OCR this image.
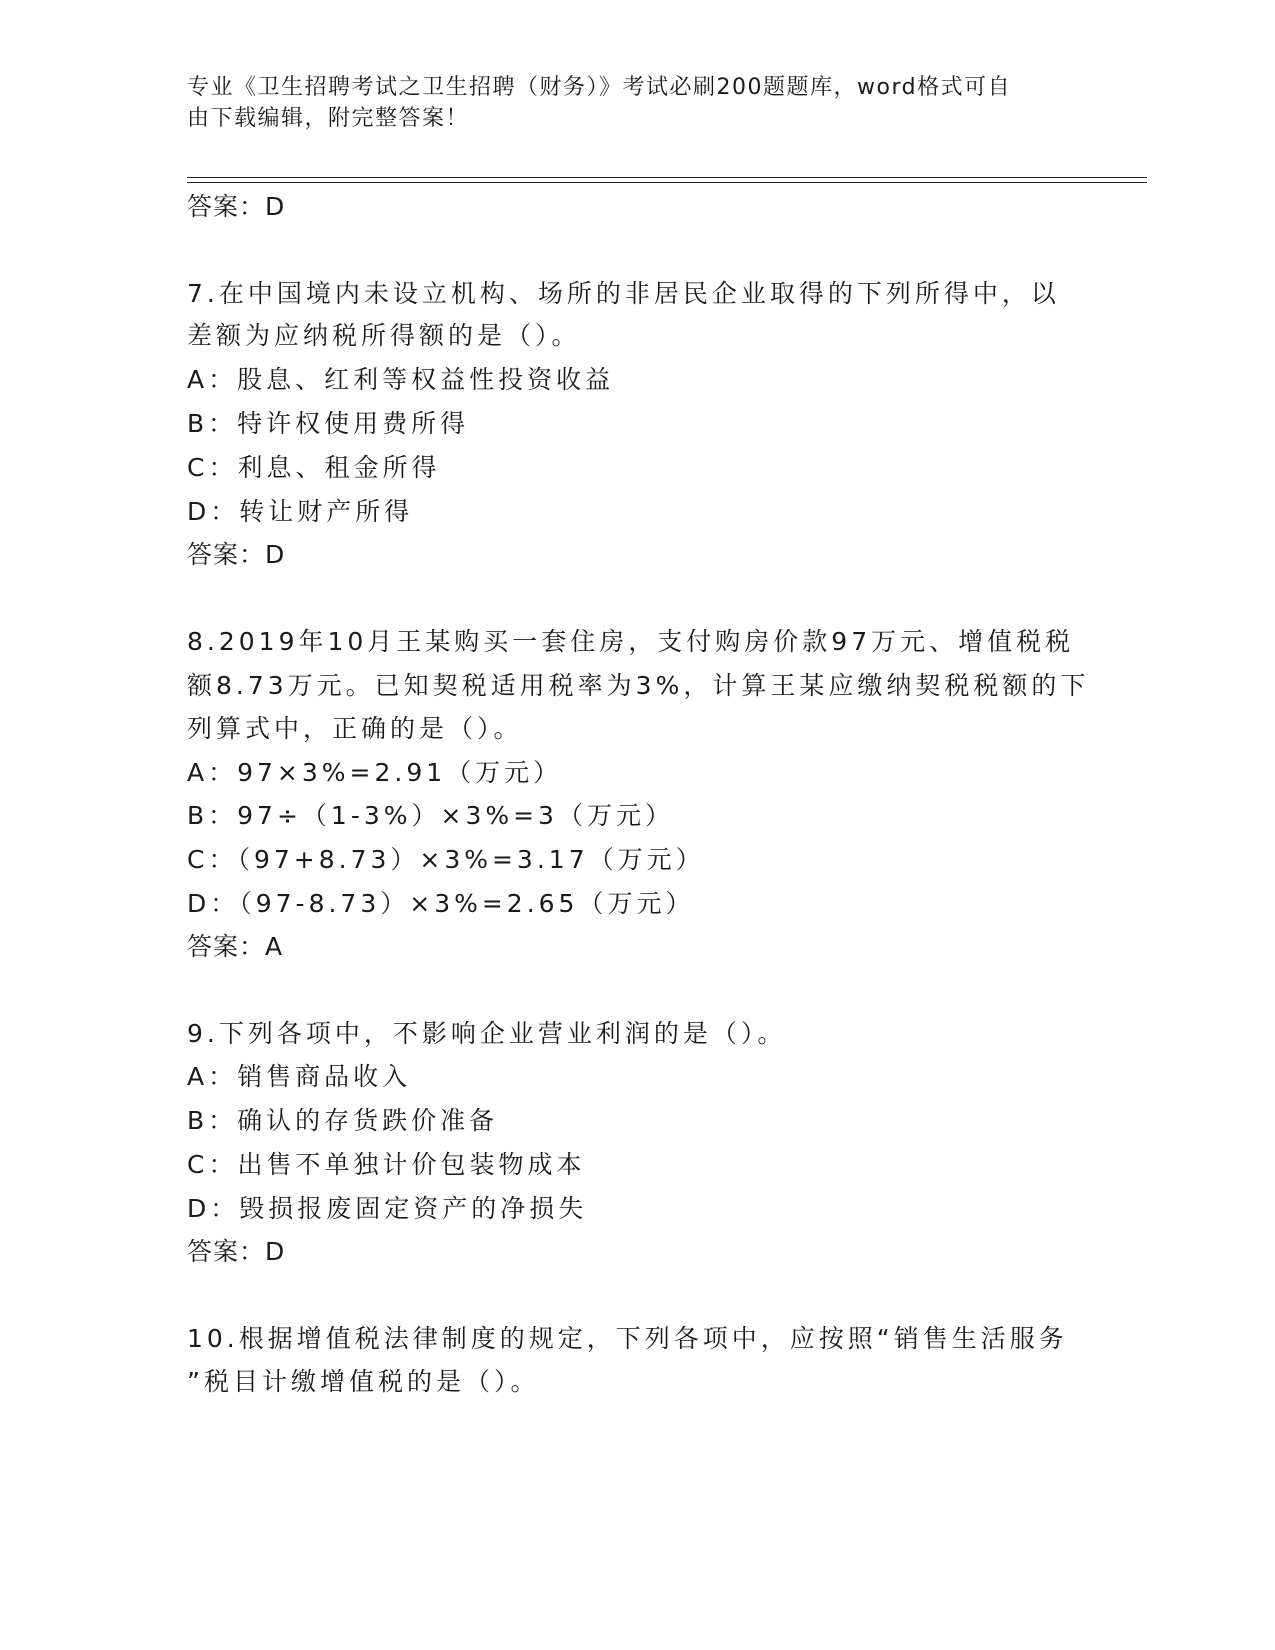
专业《卫生招聘考试之卫生招聘（财务）》考试必刷200题题库，word格式可自
由下载编辑，附完整答案！
答案：D
7.在中国境内未设立机构、场所的非居民企业取得的下列所得中，以
差额为应纳税所得额的是（）。
A：股息、红利等权益性投资收益
B：特许权使用费所得
C：利息、租金所得
D：转让财产所得
答案：D
8.2019年10月王某购买一套住房，支付购房价款97万元、增值税税
额8.73万元。已知契税适用税率为3%，计算王某应缴纳契税税额的下
列算式中，正确的是（）。
A：97×3%=2.91（万元）
B：97÷（1-3%）×3%=3（万元）
C：（97+8.73）×3%=3.17（万元）
D：（97-8.73）×3%=2.65（万元）
答案：A
9.下列各项中，不影响企业营业利润的是（）。
A：销售商品收入
B：确认的存货跌价准备
C：出售不单独计价包装物成本
D：毁损报废固定资产的净损失
答案：D
10.根据增值税法律制度的规定，下列各项中，应按照“销售生活服务
”税目计缴增值税的是（）。
